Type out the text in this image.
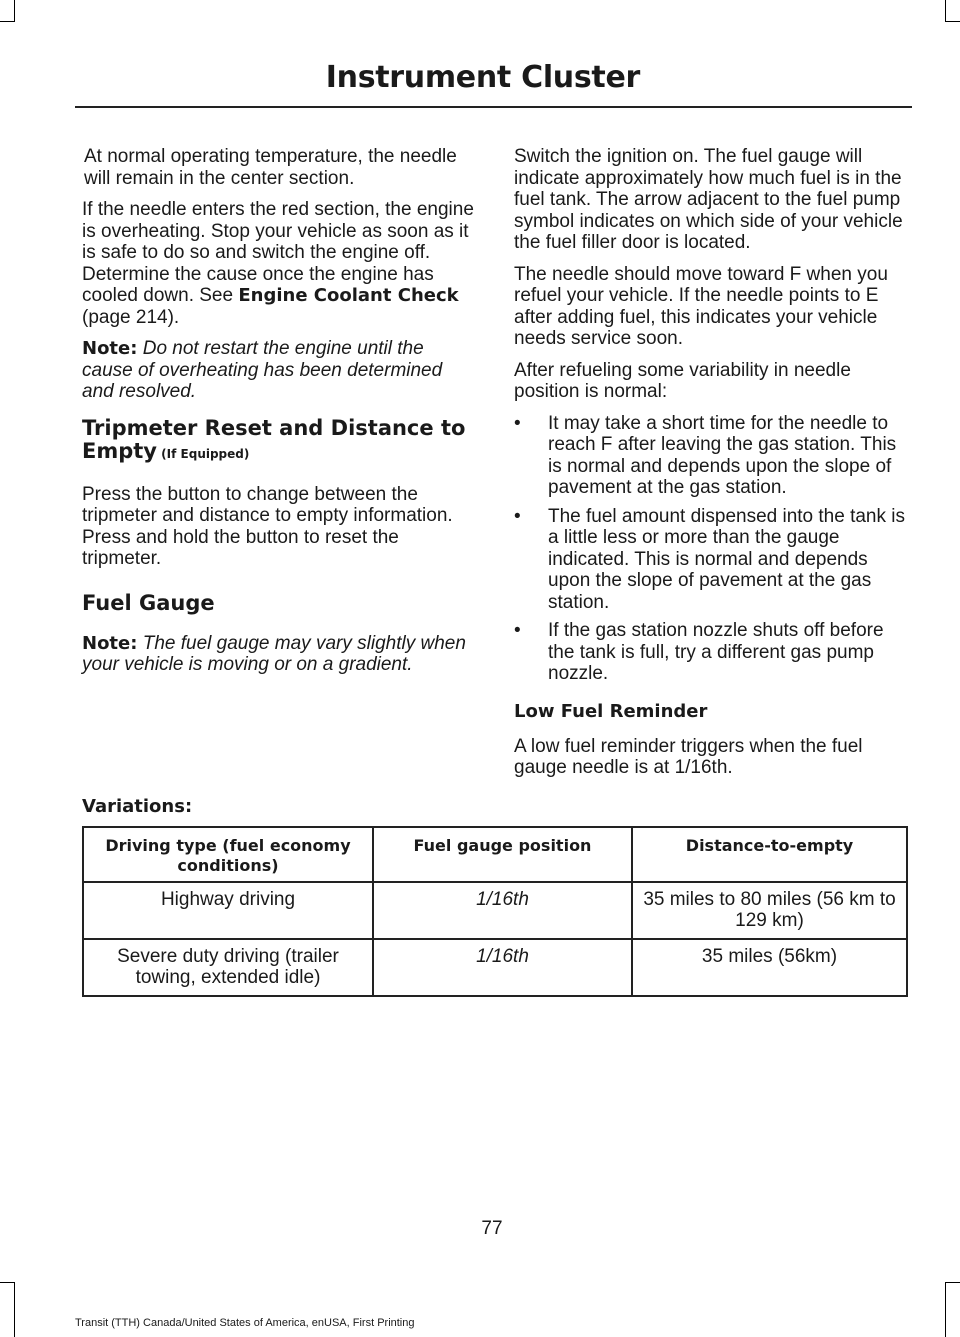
Instrument Cluster

At normal operating temperature, the needle will remain in the center section.

If the needle enters the red section, the engine is overheating. Stop your vehicle as soon as it is safe to do so and switch the engine off. Determine the cause once the engine has cooled down. See Engine Coolant Check (page 214).

Note: Do not restart the engine until the cause of overheating has been determined and resolved.

Tripmeter Reset and Distance to Empty (If Equipped)

Press the button to change between the tripmeter and distance to empty information. Press and hold the button to reset the tripmeter.

Fuel Gauge

Note: The fuel gauge may vary slightly when your vehicle is moving or on a gradient.

Switch the ignition on. The fuel gauge will indicate approximately how much fuel is in the fuel tank. The arrow adjacent to the fuel pump symbol indicates on which side of your vehicle the fuel filler door is located.

The needle should move toward F when you refuel your vehicle. If the needle points to E after adding fuel, this indicates your vehicle needs service soon.

After refueling some variability in needle position is normal:

• It may take a short time for the needle to reach F after leaving the gas station. This is normal and depends upon the slope of pavement at the gas station.
• The fuel amount dispensed into the tank is a little less or more than the gauge indicated. This is normal and depends upon the slope of pavement at the gas station.
• If the gas station nozzle shuts off before the tank is full, try a different gas pump nozzle.
Low Fuel Reminder

A low fuel reminder triggers when the fuel gauge needle is at 1/16th.

Variations:
Driving type (fuel economy conditions)	Fuel gauge position	Distance-to-empty
Highway driving	1/16th	35 miles to 80 miles (56 km to 129 km)
Severe duty driving (trailer towing, extended idle)	1/16th	35 miles (56km)
77
Transit (TTH) Canada/United States of America, enUSA, First Printing
